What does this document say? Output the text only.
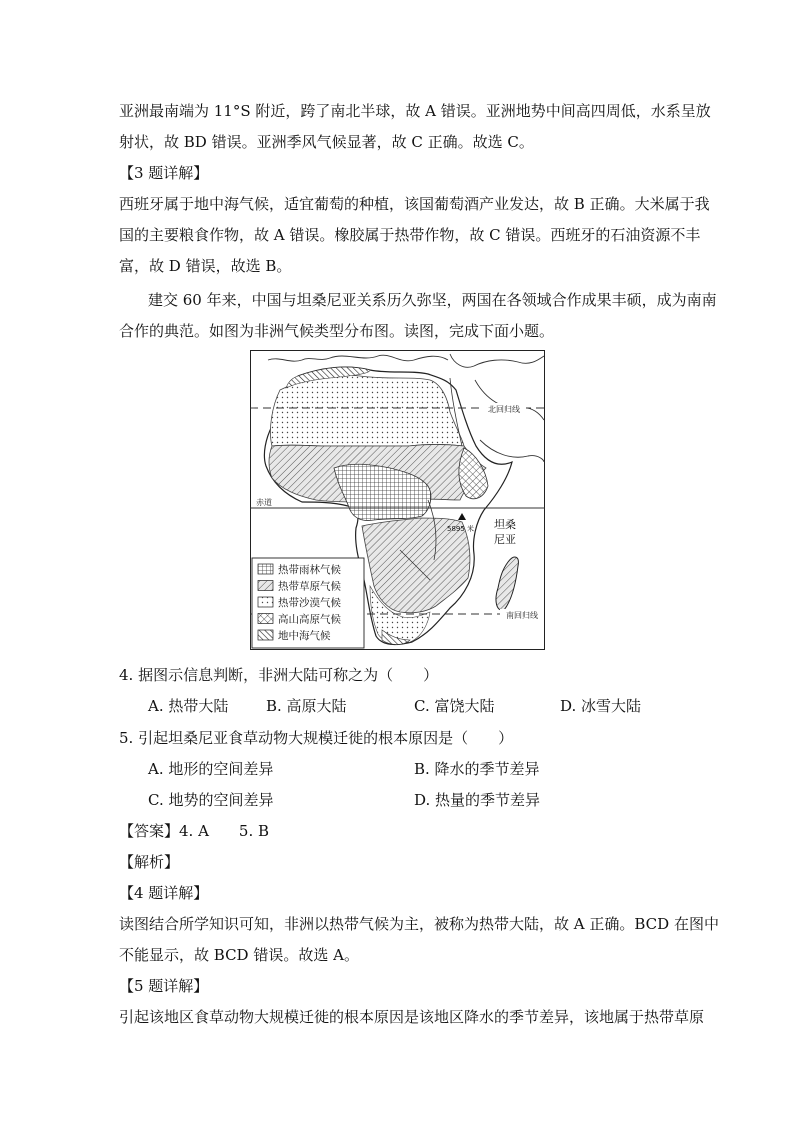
亚洲最南端为 11°S 附近，跨了南北半球，故 A 错误。亚洲地势中间高四周低，水系呈放
射状，故 BD 错误。亚洲季风气候显著，故 C 正确。故选 C。
【3 题详解】
西班牙属于地中海气候，适宜葡萄的种植，该国葡萄酒产业发达，故 B 正确。大米属于我
国的主要粮食作物，故 A 错误。橡胶属于热带作物，故 C 错误。西班牙的石油资源不丰
富，故 D 错误，故选 B。
建交 60 年来，中国与坦桑尼亚关系历久弥坚，两国在各领域合作成果丰硕，成为南南
合作的典范。如图为非洲气候类型分布图。读图，完成下面小题。
北回归线
南回归线
赤道
5895 米 坦桑
尼亚
热带雨林气候
热带草原气候
热带沙漠气候
高山高原气候
地中海气候
4. 据图示信息判断，非洲大陆可称之为（　　）
A. 热带大陆	B. 高原大陆	C. 富饶大陆	D. 冰雪大陆
5. 引起坦桑尼亚食草动物大规模迁徙的根本原因是（　　）
A. 地形的空间差异	B. 降水的季节差异
C. 地势的空间差异	D. 热量的季节差异
【答案】4. A　　5. B
【解析】
【4 题详解】
读图结合所学知识可知，非洲以热带气候为主，被称为热带大陆，故 A 正确。BCD 在图中
不能显示，故 BCD 错误。故选 A。
【5 题详解】
引起该地区食草动物大规模迁徙的根本原因是该地区降水的季节差异，该地属于热带草原
